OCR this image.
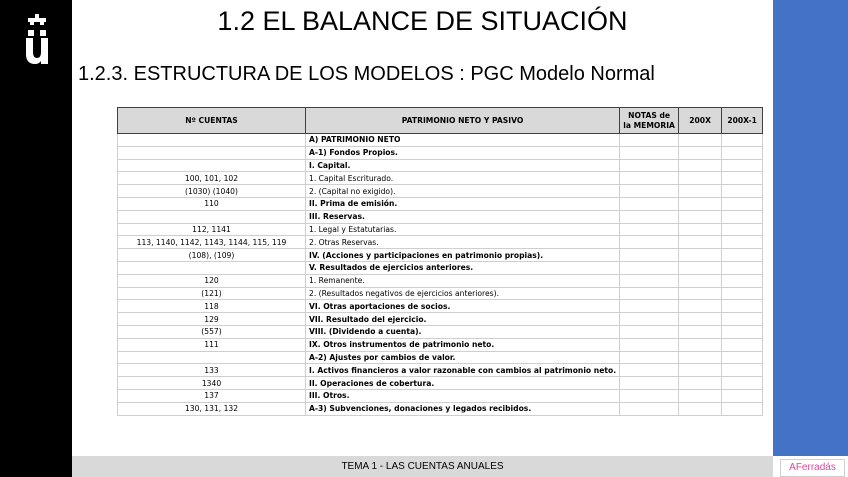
1.2 EL BALANCE DE SITUACIÓN
1.2.3. ESTRUCTURA DE LOS MODELOS : PGC Modelo Normal
Nº CUENTAS	PATRIMONIO NETO Y PASIVO	NOTAS de la MEMORIA	200X	200X-1
	A) PATRIMONIO NETO			
	A-1) Fondos Propios.			
	I. Capital.			
100, 101, 102	1. Capital Escriturado.			
(1030) (1040)	2. (Capital no exigido).			
110	II. Prima de emisión.			
	III. Reservas.			
112, 1141	1. Legal y Estatutarias.			
113, 1140, 1142, 1143, 1144, 115, 119	2. Otras Reservas.			
(108), (109)	IV. (Acciones y participaciones en patrimonio propias).			
	V. Resultados de ejercicios anteriores.			
120	1. Remanente.			
(121)	2. (Resultados negativos de ejercicios anteriores).			
118	VI. Otras aportaciones de socios.			
129	VII. Resultado del ejercicio.			
(557)	VIII. (Dividendo a cuenta).			
111	IX. Otros instrumentos de patrimonio neto.			
	A-2) Ajustes por cambios de valor.			
133	I. Activos financieros a valor razonable con cambios al patrimonio neto.			
1340	II. Operaciones de cobertura.			
137	III. Otros.			
130, 131, 132	A-3) Subvenciones, donaciones y legados recibidos.			
TEMA 1 - LAS CUENTAS ANUALES	AFerradás
